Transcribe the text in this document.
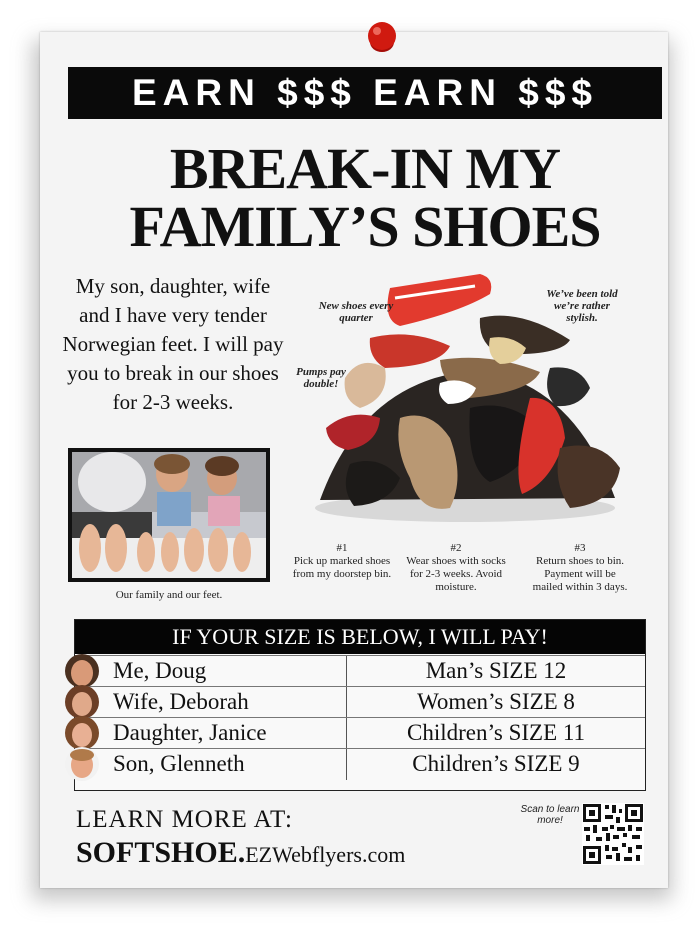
EARN $$$ EARN $$$
BREAK-IN MY
FAMILY’S SHOES
My son, daughter, wife and I have very tender Norwegian feet. I will pay you to break in our shoes for 2-3 weeks.
Our family and our feet.
New shoes every quarter
We’ve been told we’re rather stylish.
Pumps pay double!
#1
Pick up marked shoes from my doorstep bin.
#2
Wear shoes with socks for 2-3 weeks. Avoid moisture.
#3
Return shoes to bin. Payment will be mailed within 3 days.
IF YOUR SIZE IS BELOW, I WILL PAY!
Me, Doug	Man’s SIZE 12
Wife, Deborah	Women’s SIZE 8
Daughter, Janice	Children’s SIZE 11
Son, Glenneth	Children’s SIZE 9
LEARN MORE AT:
SOFTSHOE.EZWebflyers.com
Scan to learn more!
